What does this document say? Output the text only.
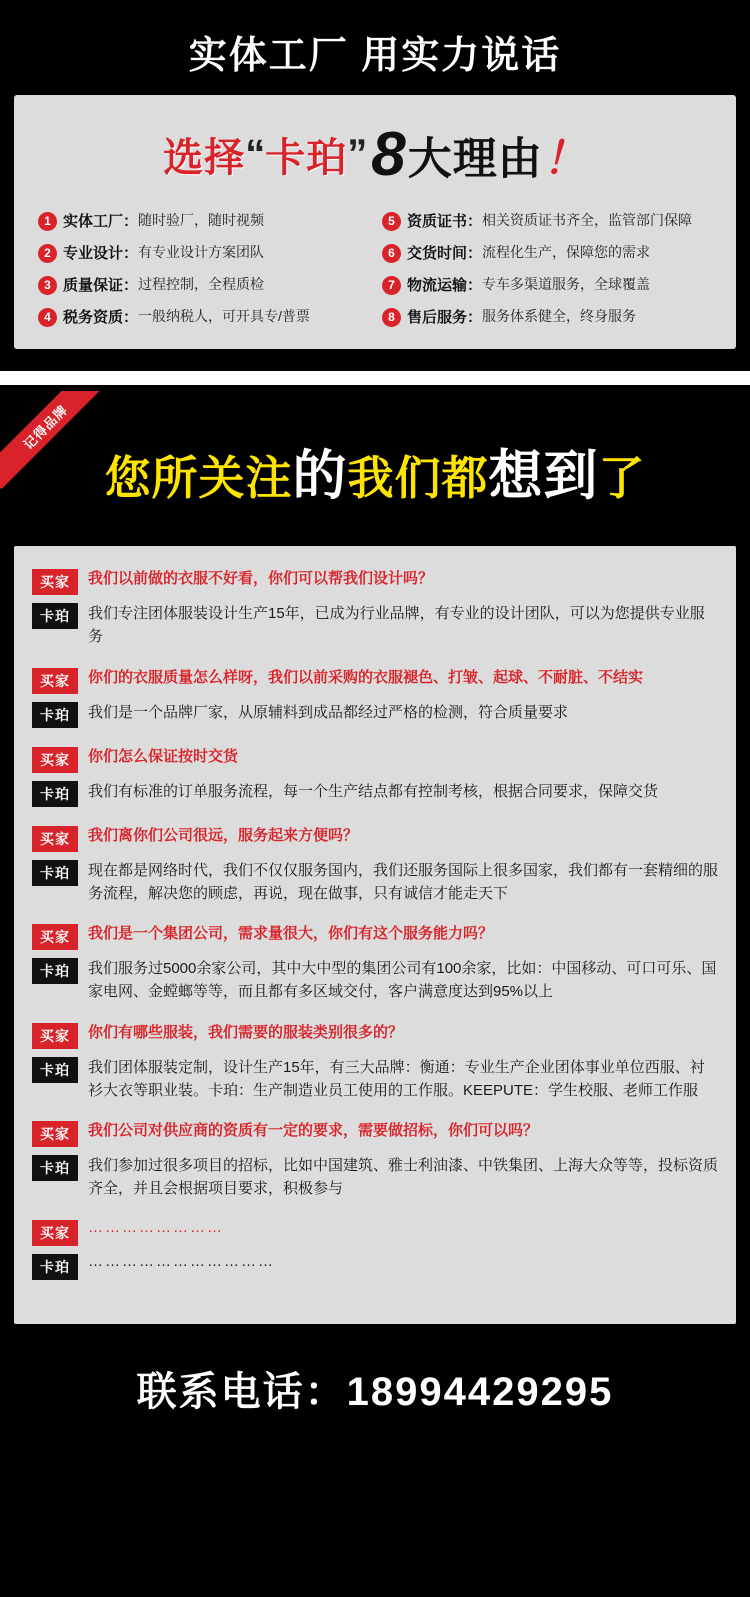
实体工厂 用实力说话
选择“卡珀”8大理由！
1 实体工厂： 随时验厂，随时视频	5 资质证书： 相关资质证书齐全，监管部门保障
2 专业设计： 有专业设计方案团队	6 交货时间： 流程化生产，保障您的需求
3 质量保证： 过程控制，全程质检	7 物流运输： 专车多渠道服务，全球覆盖
4 税务资质： 一般纳税人，可开具专/普票	8 售后服务： 服务体系健全，终身服务
记得品牌
您所关注的我们都想到了
买家	我们以前做的衣服不好看，你们可以帮我们设计吗？
卡珀	我们专注团体服装设计生产15年，已成为行业品牌，有专业的设计团队，可以为您提供专业服务
买家	你们的衣服质量怎么样呀，我们以前采购的衣服褪色、打皱、起球、不耐脏、不结实
卡珀	我们是一个品牌厂家，从原辅料到成品都经过严格的检测，符合质量要求
买家	你们怎么保证按时交货
卡珀	我们有标准的订单服务流程，每一个生产结点都有控制考核，根据合同要求，保障交货
买家	我们离你们公司很远，服务起来方便吗？
卡珀	现在都是网络时代，我们不仅仅服务国内，我们还服务国际上很多国家，我们都有一套精细的服务流程，解决您的顾虑，再说，现在做事，只有诚信才能走天下
买家	我们是一个集团公司，需求量很大，你们有这个服务能力吗？
卡珀	我们服务过5000余家公司，其中大中型的集团公司有100余家，比如：中国移动、可口可乐、国家电网、金螳螂等等，而且都有多区域交付，客户满意度达到95%以上
买家	你们有哪些服装，我们需要的服装类别很多的？
卡珀	我们团体服装定制，设计生产15年，有三大品牌：衡通：专业生产企业团体事业单位西服、衬衫大衣等职业装。卡珀：生产制造业员工使用的工作服。KEEPUTE：学生校服、老师工作服
买家	我们公司对供应商的资质有一定的要求，需要做招标，你们可以吗？
卡珀	我们参加过很多项目的招标，比如中国建筑、雅士利油漆、中铁集团、上海大众等等，投标资质齐全，并且会根据项目要求，积极参与
买家	……………………
卡珀	……………………………
联系电话：18994429295
